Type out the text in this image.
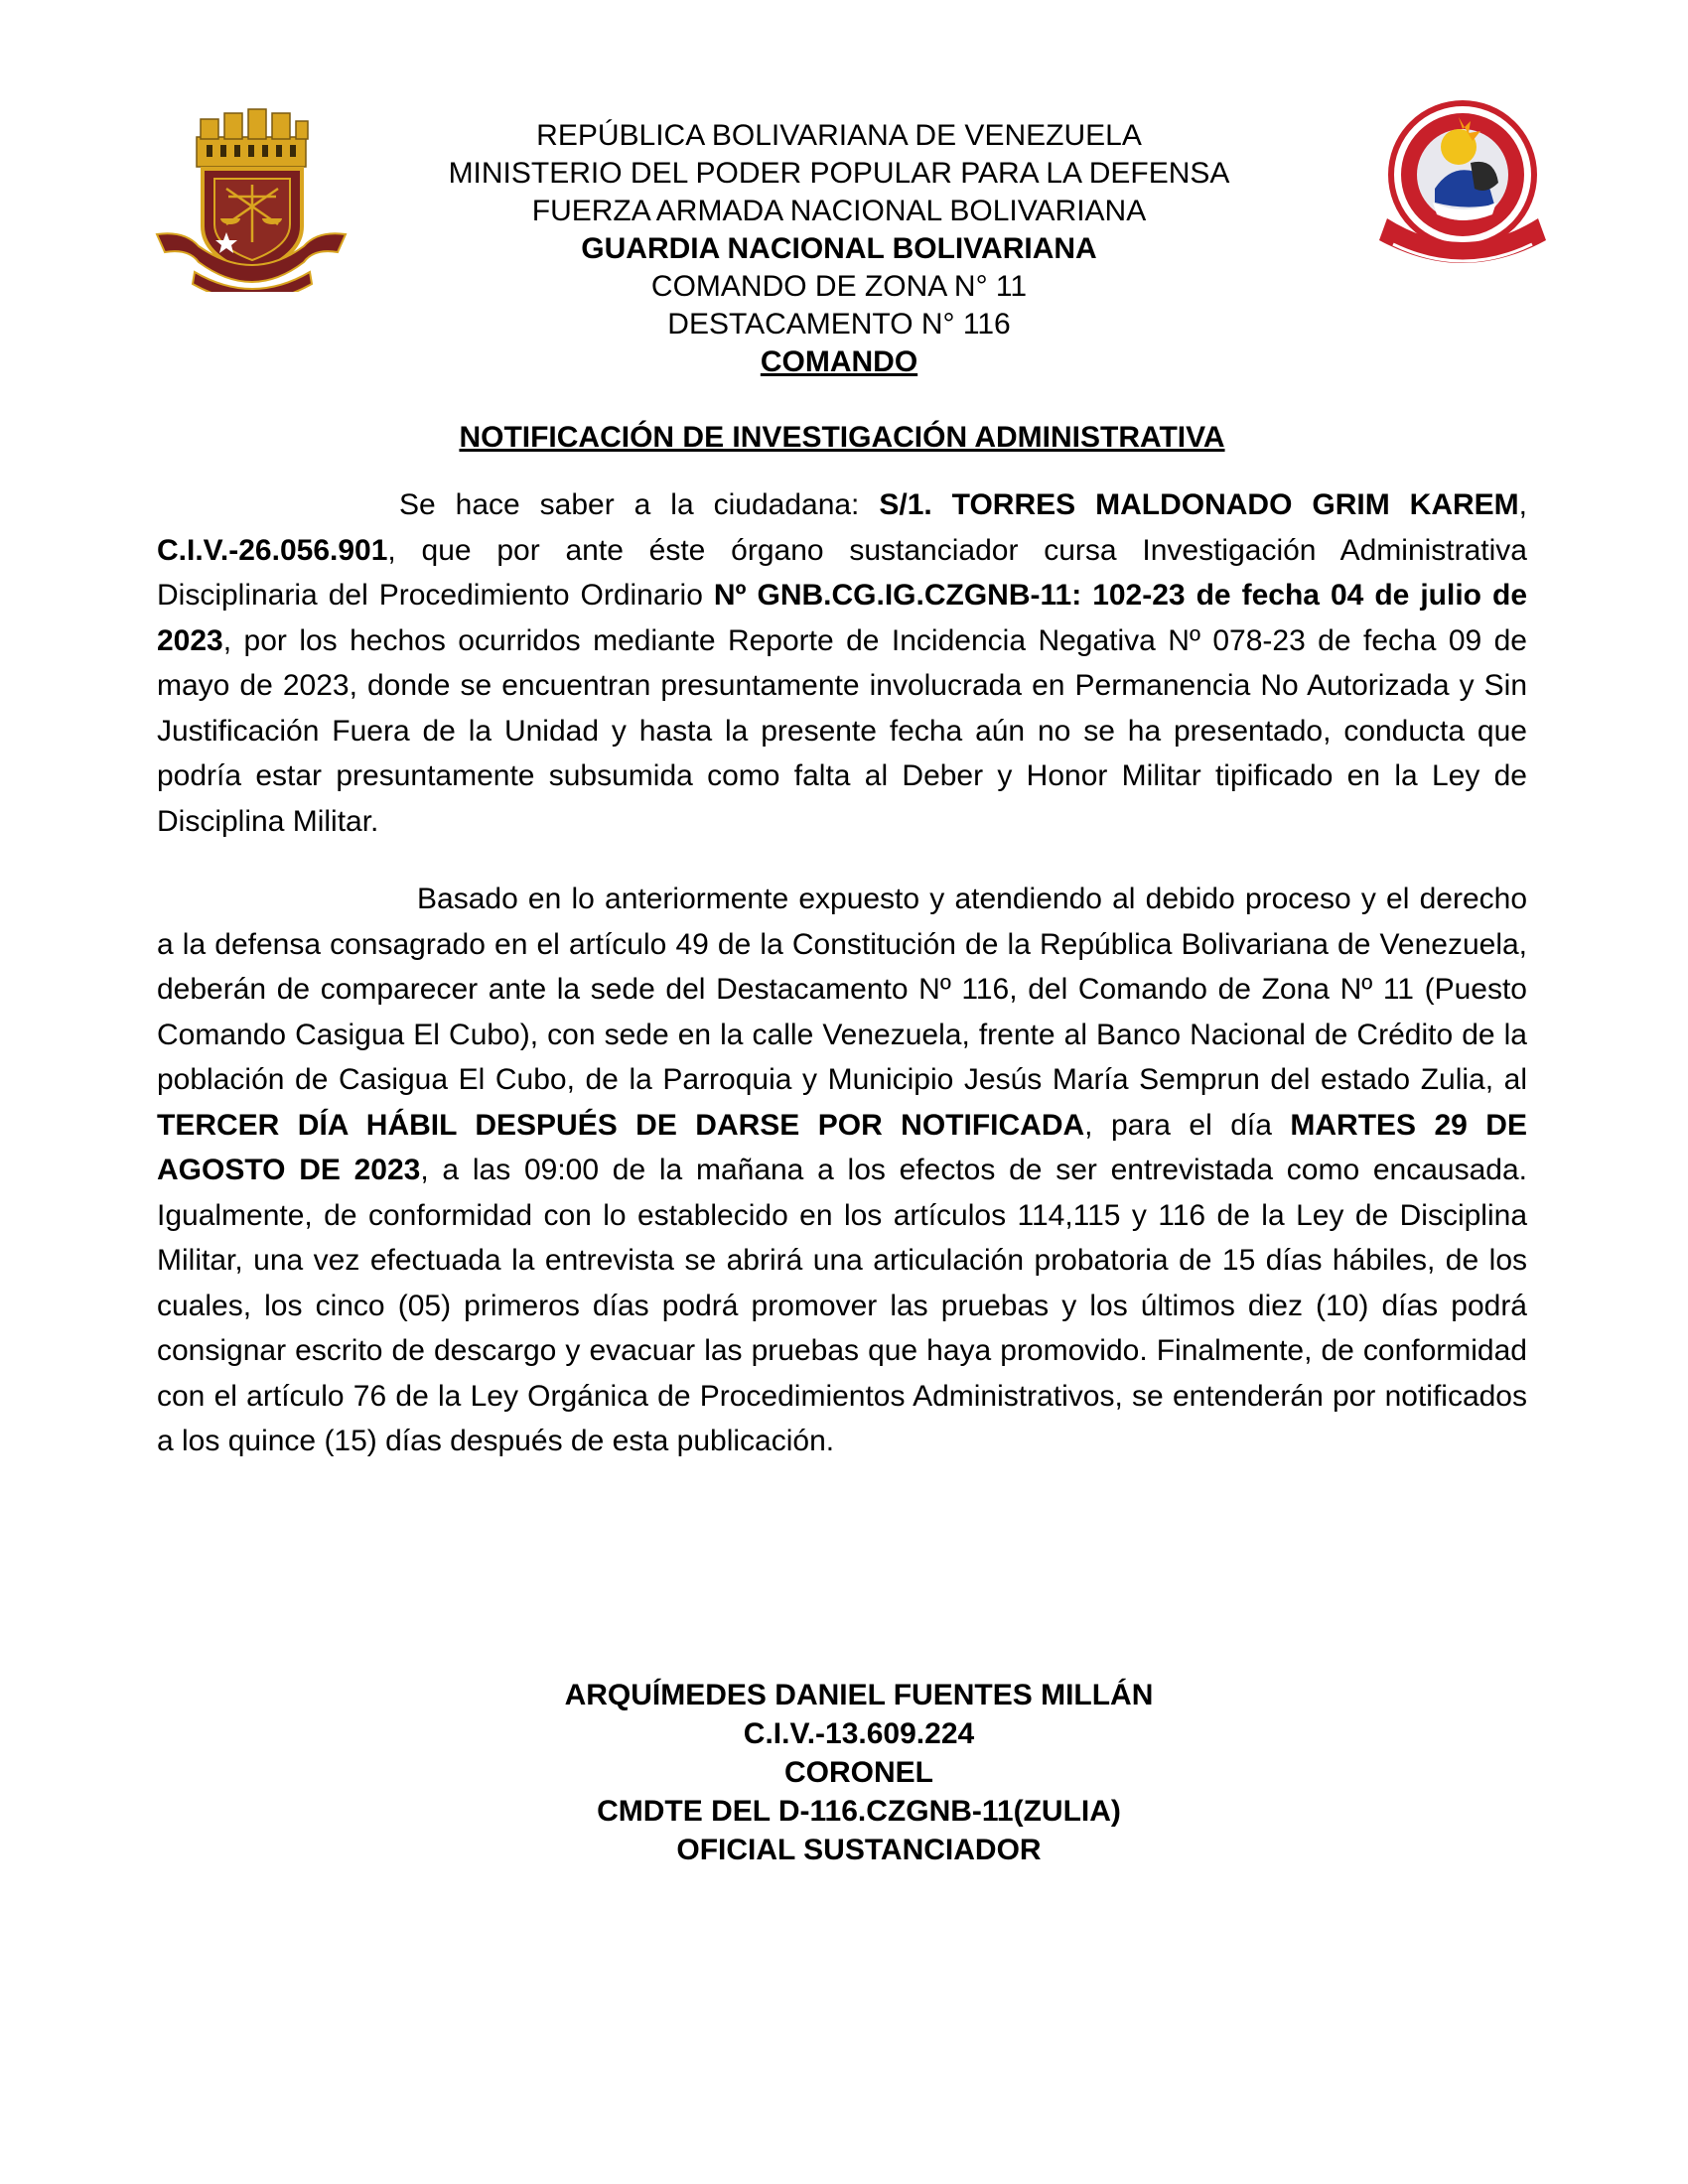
REPÚBLICA BOLIVARIANA DE VENEZUELA
MINISTERIO DEL PODER POPULAR PARA LA DEFENSA
FUERZA ARMADA NACIONAL BOLIVARIANA
GUARDIA NACIONAL BOLIVARIANA
COMANDO DE ZONA N° 11
DESTACAMENTO N° 116
COMANDO
NOTIFICACIÓN DE INVESTIGACIÓN ADMINISTRATIVA

Se hace saber a la ciudadana: S/1. TORRES MALDONADO GRIM KAREM, C.I.V.-26.056.901, que por ante éste órgano sustanciador cursa Investigación Administrativa Disciplinaria del Procedimiento Ordinario Nº GNB.CG.IG.CZGNB-11: 102-23 de fecha 04 de julio de 2023, por los hechos ocurridos mediante Reporte de Incidencia Negativa Nº 078-23 de fecha 09 de mayo de 2023, donde se encuentran presuntamente involucrada en Permanencia No Autorizada y Sin Justificación Fuera de la Unidad y hasta la presente fecha aún no se ha presentado, conducta que podría estar presuntamente subsumida como falta al Deber y Honor Militar tipificado en la Ley de Disciplina Militar.

Basado en lo anteriormente expuesto y atendiendo al debido proceso y el derecho a la defensa consagrado en el artículo 49 de la Constitución de la República Bolivariana de Venezuela, deberán de comparecer ante la sede del Destacamento Nº 116, del Comando de Zona Nº 11 (Puesto Comando Casigua El Cubo), con sede en la calle Venezuela, frente al Banco Nacional de Crédito de la población de Casigua El Cubo, de la Parroquia y Municipio Jesús María Semprun del estado Zulia, al TERCER DÍA HÁBIL DESPUÉS DE DARSE POR NOTIFICADA, para el día MARTES 29 DE AGOSTO DE 2023, a las 09:00 de la mañana a los efectos de ser entrevistada como encausada. Igualmente, de conformidad con lo establecido en los artículos 114,115 y 116 de la Ley de Disciplina Militar, una vez efectuada la entrevista se abrirá una articulación probatoria de 15 días hábiles, de los cuales, los cinco (05) primeros días podrá promover las pruebas y los últimos diez (10) días podrá consignar escrito de descargo y evacuar las pruebas que haya promovido. Finalmente, de conformidad con el artículo 76 de la Ley Orgánica de Procedimientos Administrativos, se entenderán por notificados a los quince (15) días después de esta publicación.

ARQUÍMEDES DANIEL FUENTES MILLÁN
C.I.V.-13.609.224
CORONEL
CMDTE DEL D-116.CZGNB-11(ZULIA)
OFICIAL SUSTANCIADOR
